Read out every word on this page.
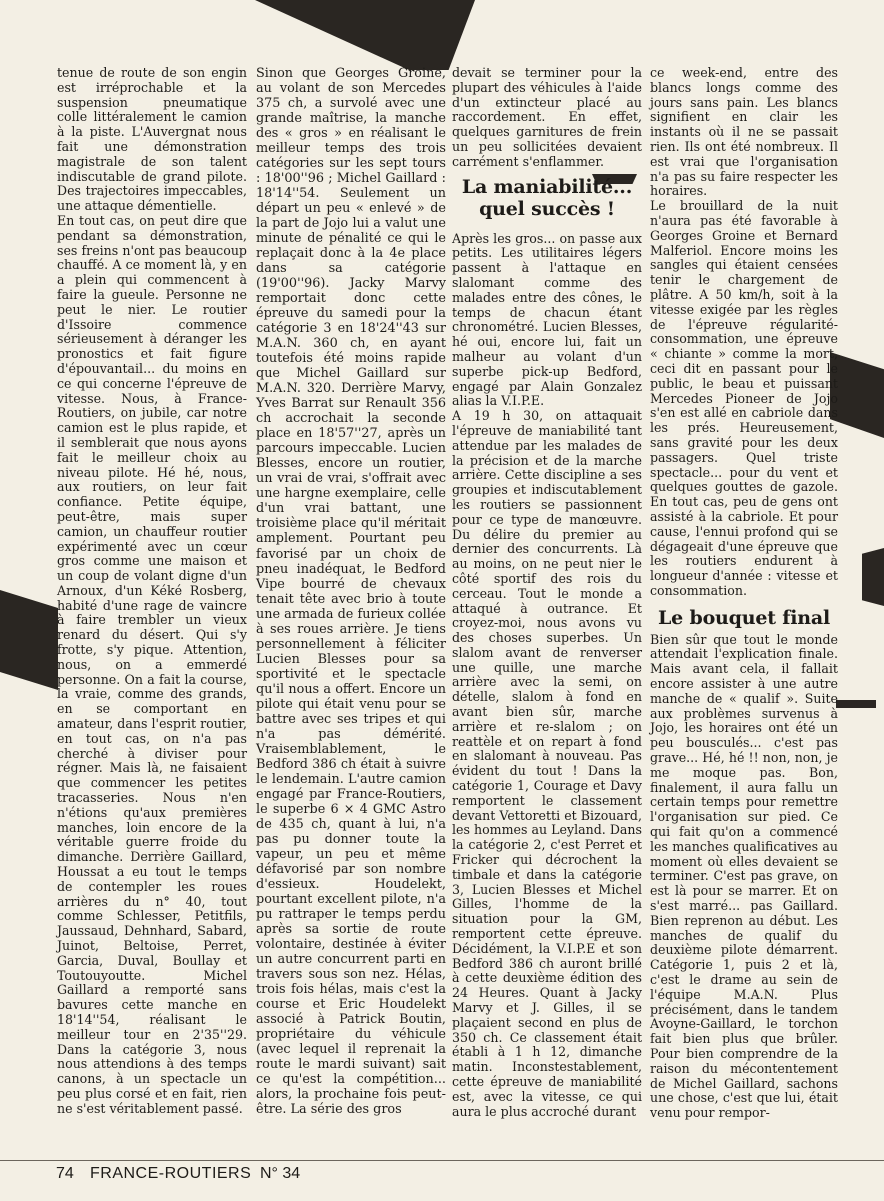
tenue de route de son engin est irréprochable et la suspension pneumatique colle littéralement le camion à la piste. L'Auvergnat nous fait une démonstration magistrale de son talent indiscutable de grand pilote. Des trajectoires impeccables, une attaque démentielle.

En tout cas, on peut dire que pendant sa démonstration, ses freins n'ont pas beaucoup chauffé. A ce moment là, y en a plein qui commencent à faire la gueule. Personne ne peut le nier. Le routier d'Issoire commence sérieusement à déranger les pronostics et fait figure d'épouvantail... du moins en ce qui concerne l'épreuve de vitesse. Nous, à France-Routiers, on jubile, car notre camion est le plus rapide, et il semblerait que nous ayons fait le meilleur choix au niveau pilote. Hé hé, nous, aux routiers, on leur fait confiance. Petite équipe, peut-être, mais super camion, un chauffeur routier expérimenté avec un cœur gros comme une maison et un coup de volant digne d'un Arnoux, d'un Kéké Rosberg, habité d'une rage de vaincre à faire trembler un vieux renard du désert. Qui s'y frotte, s'y pique. Attention, nous, on a emmerdé personne. On a fait la course, la vraie, comme des grands, en se comportant en amateur, dans l'esprit routier, en tout cas, on n'a pas cherché à diviser pour régner. Mais là, ne faisaient que commencer les petites tracasseries. Nous n'en n'étions qu'aux premières manches, loin encore de la véritable guerre froide du dimanche. Derrière Gaillard, Houssat a eu tout le temps de contempler les roues arrières du n° 40, tout comme Schlesser, Petitfils, Jaussaud, Dehnhard, Sabard, Juinot, Beltoise, Perret, Garcia, Duval, Boullay et Toutouyoutte. Michel Gaillard a remporté sans bavures cette manche en 18'14''54, réalisant le meilleur tour en 2'35''29. Dans la catégorie 3, nous nous attendions à des temps canons, à un spectacle un peu plus corsé et en fait, rien ne s'est véritablement passé.

Sinon que Georges Groine, au volant de son Mercedes 375 ch, a survolé avec une grande maîtrise, la manche des « gros » en réalisant le meilleur temps des trois catégories sur les sept tours : 18'00''96 ; Michel Gaillard : 18'14''54. Seulement un départ un peu « enlevé » de la part de Jojo lui a valut une minute de pénalité ce qui le replaçait donc à la 4e place dans sa catégorie (19'00''96). Jacky Marvy remportait donc cette épreuve du samedi pour la catégorie 3 en 18'24''43 sur M.A.N. 360 ch, en ayant toutefois été moins rapide que Michel Gaillard sur M.A.N. 320. Derrière Marvy, Yves Barrat sur Renault 356 ch accrochait la seconde place en 18'57''27, après un parcours impeccable. Lucien Blesses, encore un routier, un vrai de vrai, s'offrait avec une hargne exemplaire, celle d'un vrai battant, une troisième place qu'il méritait amplement. Pourtant peu favorisé par un choix de pneu inadéquat, le Bedford Vipe bourré de chevaux tenait tête avec brio à toute une armada de furieux collée à ses roues arrière. Je tiens personnellement à féliciter Lucien Blesses pour sa sportivité et le spectacle qu'il nous a offert. Encore un pilote qui était venu pour se battre avec ses tripes et qui n'a pas démérité. Vraisemblablement, le Bedford 386 ch était à suivre le lendemain. L'autre camion engagé par France-Routiers, le superbe 6 × 4 GMC Astro de 435 ch, quant à lui, n'a pas pu donner toute la vapeur, un peu et même défavorisé par son nombre d'essieux. Houdelekt, pourtant excellent pilote, n'a pu rattraper le temps perdu après sa sortie de route volontaire, destinée à éviter un autre concurrent parti en travers sous son nez. Hélas, trois fois hélas, mais c'est la course et Eric Houdelekt associé à Patrick Boutin, propriétaire du véhicule (avec lequel il reprenait la route le mardi suivant) sait ce qu'est la compétition... alors, la prochaine fois peut-être. La série des gros

devait se terminer pour la plupart des véhicules à l'aide d'un extincteur placé au raccordement. En effet, quelques garnitures de frein un peu sollicitées devaient carrément s'enflammer.

La maniabilité... quel succès !

Après les gros... on passe aux petits. Les utilitaires légers passent à l'attaque en slalomant comme des malades entre des cônes, le temps de chacun étant chronométré. Lucien Blesses, hé oui, encore lui, fait un malheur au volant d'un superbe pick-up Bedford, engagé par Alain Gonzalez alias la V.I.P.E.

A 19 h 30, on attaquait l'épreuve de maniabilité tant attendue par les malades de la précision et de la marche arrière. Cette discipline a ses groupies et indiscutablement les routiers se passionnent pour ce type de manœuvre. Du délire du premier au dernier des concurrents. Là au moins, on ne peut nier le côté sportif des rois du cerceau. Tout le monde a attaqué à outrance. Et croyez-moi, nous avons vu des choses superbes. Un slalom avant de renverser une quille, une marche arrière avec la semi, on dételle, slalom à fond en avant bien sûr, marche arrière et re-slalom ; on reattèle et on repart à fond en slalomant à nouveau. Pas évident du tout ! Dans la catégorie 1, Courage et Davy remportent le classement devant Vettoretti et Bizouard, les hommes au Leyland. Dans la catégorie 2, c'est Perret et Fricker qui décrochent la timbale et dans la catégorie 3, Lucien Blesses et Michel Gilles, l'homme de la situation pour la GM, remportent cette épreuve. Décidément, la V.I.P.E et son Bedford 386 ch auront brillé à cette deuxième édition des 24 Heures. Quant à Jacky Marvy et J. Gilles, il se plaçaient second en plus de 350 ch. Ce classement était établi à 1 h 12, dimanche matin. Inconstestablement, cette épreuve de maniabilité est, avec la vitesse, ce qui aura le plus accroché durant

ce week-end, entre des blancs longs comme des jours sans pain. Les blancs signifient en clair les instants où il ne se passait rien. Ils ont été nombreux. Il est vrai que l'organisation n'a pas su faire respecter les horaires.

Le brouillard de la nuit n'aura pas été favorable à Georges Groine et Bernard Malferiol. Encore moins les sangles qui étaient censées tenir le chargement de plâtre. A 50 km/h, soit à la vitesse exigée par les règles de l'épreuve régularité-consommation, une épreuve « chiante » comme la mort, ceci dit en passant pour le public, le beau et puissant Mercedes Pioneer de Jojo s'en est allé en cabriole dans les prés. Heureusement, sans gravité pour les deux passagers. Quel triste spectacle... pour du vent et quelques gouttes de gazole. En tout cas, peu de gens ont assisté à la cabriole. Et pour cause, l'ennui profond qui se dégageait d'une épreuve que les routiers endurent à longueur d'année : vitesse et consommation.

Le bouquet final

Bien sûr que tout le monde attendait l'explication finale. Mais avant cela, il fallait encore assister à une autre manche de « qualif ». Suite aux problèmes survenus à Jojo, les horaires ont été un peu bousculés... c'est pas grave... Hé, hé !! non, non, je me moque pas. Bon, finalement, il aura fallu un certain temps pour remettre l'organisation sur pied. Ce qui fait qu'on a commencé les manches qualificatives au moment où elles devaient se terminer. C'est pas grave, on est là pour se marrer. Et on s'est marré... pas Gaillard. Bien reprenon au début. Les manches de qualif du deuxième pilote démarrent. Catégorie 1, puis 2 et là, c'est le drame au sein de l'équipe M.A.N. Plus précisément, dans le tandem Avoyne-Gaillard, le torchon fait bien plus que brûler. Pour bien comprendre de la raison du mécontentement de Michel Gaillard, sachons une chose, c'est que lui, était venu pour rempor-

74 FRANCE-ROUTIERS N° 34
